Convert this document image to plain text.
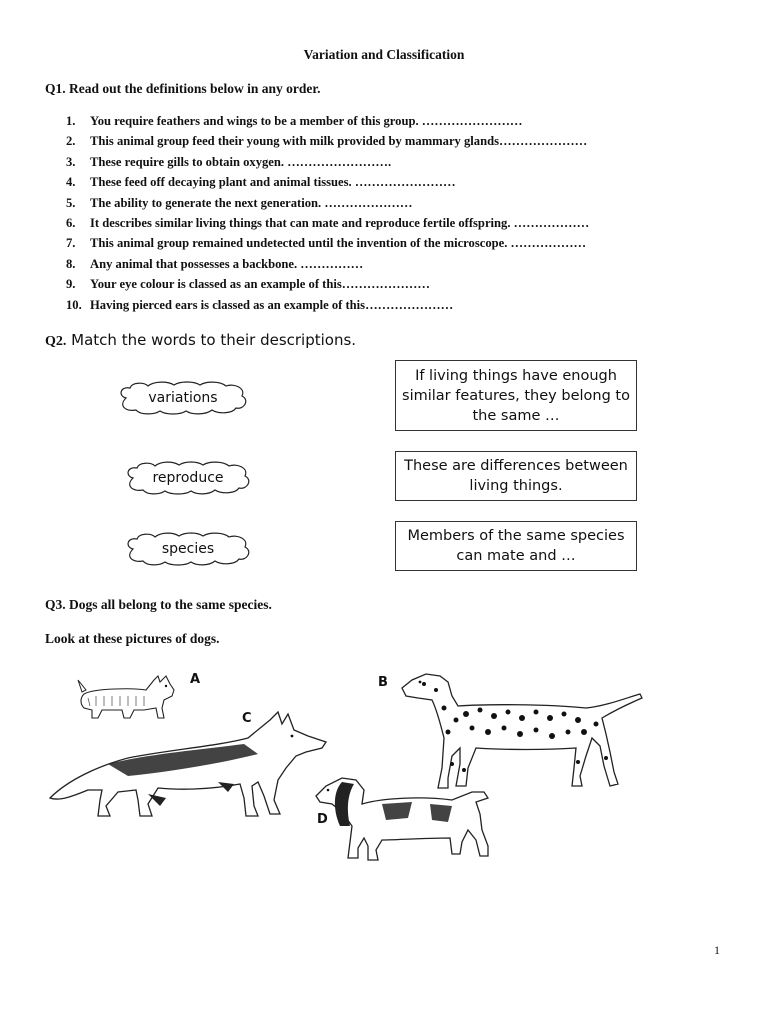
Variation and Classification
Q1. Read out the definitions below in any order.
1.	You require feathers and wings to be a member of this group. ……………………
2.	This animal group feed their young with milk provided by mammary glands…………………
3.	These require gills to obtain oxygen. …………………….
4.	These feed off decaying plant and animal tissues. ……………………
5.	The ability to generate the next generation. …………………
6.	It describes similar living things that can mate and reproduce fertile offspring. ………………
7.	This animal group remained undetected until the invention of the microscope. ………………
8.	Any animal that possesses a backbone. ……………
9.	Your eye colour is classed as an example of this…………………
10. Having pierced ears is classed as an example of this…………………
Q2. Match the words to their descriptions.
variations
reproduce
species
If living things have enough similar features, they belong to the same …
These are differences between living things.
Members of the same species can mate and …
Q3. Dogs all belong to the same species.
Look at these pictures of dogs.
A	B
C
D
1
